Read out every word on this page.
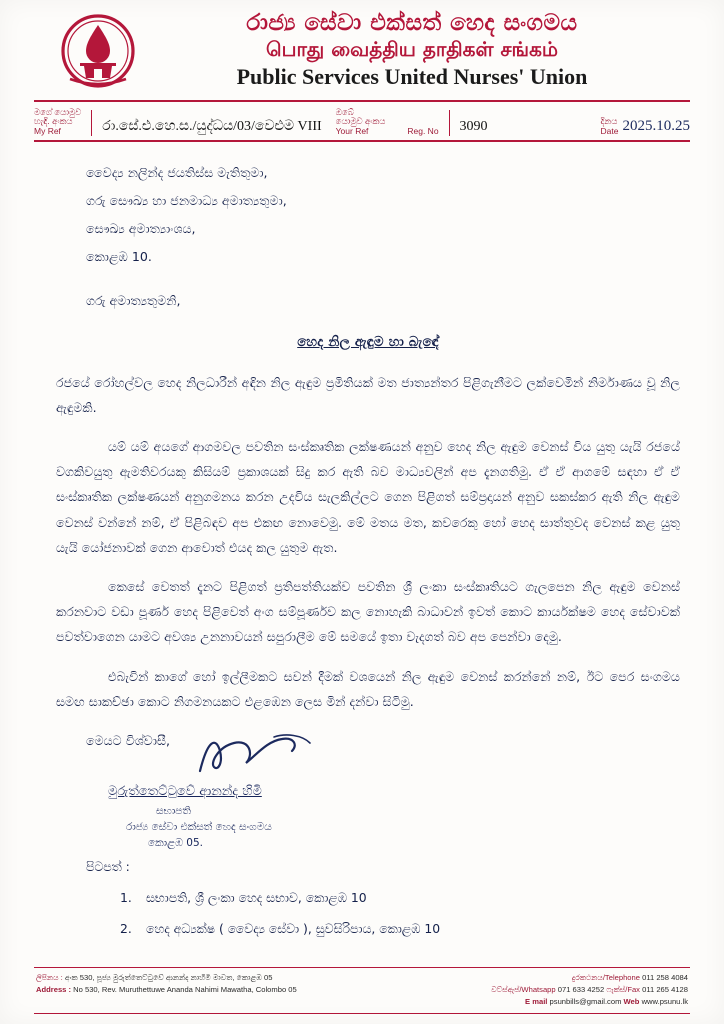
රාජ්‍ය සේවා එක්සත් හෙද සංගමය
பொது வைத்திய தாதிகள் சங்கம்
Public Services United Nurses' Union
මගේ යොමුව
හැඳි. අංකය
My Ref	රා.සේ.එ.හෙ.ස./යුද්ධය/03/වෙළුම VIII
ඔබේ
යොමුව අංකය
Your Ref	Reg. No 3090	දිනය
Date 2025.10.25
වෛද්‍ය නලින්ද ජයතිස්ස මැතිතුමා,
ගරු සෞඛ්‍ය හා ජනමාධ්‍ය අමාත්‍යතුමා,
සෞඛ්‍ය අමාත්‍යාංශය,
කොළඹ 10.
ගරු අමාත්‍යතුමනි,
හෙද නිල ඇඳුම හා බැඳේ
රජයේ රෝහල්වල හෙද නිලධාරීන් අඳින නිල ඇඳුම ප්‍රමිතියක් මත ජාත්‍යන්තර පිළිගැනීමට ලක්වෙමින් නිර්මාණය වූ නිල ඇඳුමකි.
යම් යම් අයගේ ආගමවල පවතින සංස්කෘතික ලක්ෂණයන් අනුව හෙද නිල ඇඳුම වෙනස් විය යුතු යැයි රජයේ වගකිවයුතු ඇමතිවරයකු කිසියම් ප්‍රකාශයක් සිදු කර ඇති බව මාධ්‍යවලින් අප දැනගතිමු. ඒ ඒ ආගමේ සඳහා ඒ ඒ සංස්කෘතික ලක්ෂණයන් අනුගමනය කරන උදවිය සැලකිල්ලට ගෙන පිළිගත් සම්ප්‍රදායන් අනුව සකස්කර ඇති නිල ඇඳුම වෙනස් වන්නේ නම්, ඒ පිළිබඳව අප එකඟ නොවෙමු. මේ මතය මත, කවරෙකු හෝ හෙද සාත්තුවද වෙනස් කළ යුතු යැයි යෝජනාවක් ගෙන ආවොත් එයද කල යුතුම ඇත.
කෙසේ වෙතත් දැනට පිළිගත් ප්‍රතිපත්තියක්ව පවතින ශ්‍රී ලංකා සංස්කෘතියට ගැලපෙන නිල ඇඳුම වෙනස් කරනවාට වඩා පූර්ණ හෙද පිළිවෙත් අංග සම්පූර්ණව කල නොහැකි බාධාවන් ඉවත් කොට කාර්යක්ෂම හෙද සේවාවක් පවත්වාගෙන යාමට අවශ්‍ය උනනාවයන් සපුරාලීම මේ සමයේ ඉතා වැදගත් බව අප පෙන්වා දෙමු.
එබැවින් කාගේ හෝ ඉල්ලීමකට සවන් දීමක් වශයෙන් නිල ඇඳුම වෙනස් කරන්නේ නම්, ඊට පෙර සංගමය සමඟ සාකච්ඡා කොට නිගමනයකට එළඹෙන ලෙස මින් දන්වා සිටිමු.
මෙයට විශ්වාසී,
මුරුත්තෙට්ටුවේ ආනන්ද හිමි
සභාපති
රාජ්‍ය සේවා එක්සත් හෙද සංගමය
කොළඹ 05.
පිටපත් :
1.	සභාපති, ශ්‍රී ලංකා හෙද සභාව, කොළඹ 10
2.	හෙද අධ්‍යක්ෂ ( වෛද්‍ය සේවා ), සුවසිරිපාය, කොළඹ 10
ලිපිනය : අංක 530, පූජ්‍ය මුරුත්තෙට්ටුවේ ආනන්ද නාහිමි මාවත, කොළඹ 05
Address : No 530, Rev. Muruthettuwe Ananda Nahimi Mawatha, Colombo 05
දුරකථනය/Telephone 011 258 4084
වට්ස්ඇප්/Whatsapp 071 633 4252 ෆැක්ස්/Fax 011 265 4128
E mail psunbills@gmail.com Web www.psunu.lk
